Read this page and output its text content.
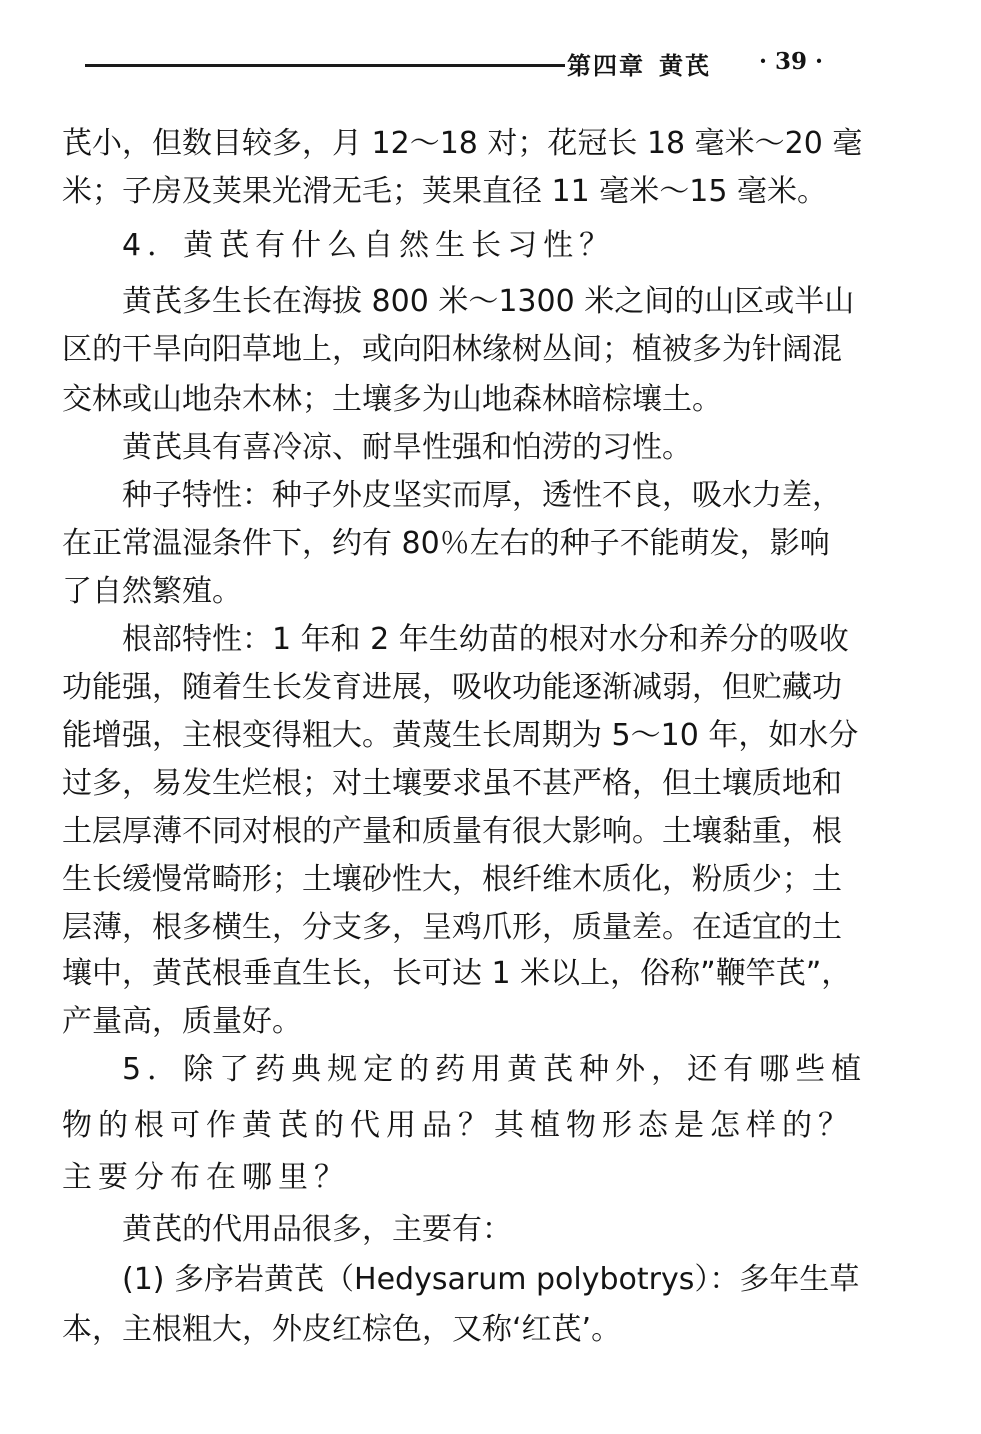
第四章 黄芪	· 39 ·
芪小，但数目较多，月 12～18 对；花冠长 18 毫米～20 毫
米；子房及荚果光滑无毛；荚果直径 11 毫米～15 毫米。
4．黄芪有什么自然生长习性？
黄芪多生长在海拔 800 米～1300 米之间的山区或半山
区的干旱向阳草地上，或向阳林缘树丛间；植被多为针阔混
交林或山地杂木林；土壤多为山地森林暗棕壤土。
黄芪具有喜冷凉、耐旱性强和怕涝的习性。
种子特性：种子外皮坚实而厚，透性不良，吸水力差，
在正常温湿条件下，约有 80％左右的种子不能萌发，影响
了自然繁殖。
根部特性：1 年和 2 年生幼苗的根对水分和养分的吸收
功能强，随着生长发育进展，吸收功能逐渐减弱，但贮藏功
能增强，主根变得粗大。黄蔑生长周期为 5～10 年，如水分
过多，易发生烂根；对土壤要求虽不甚严格，但土壤质地和
土层厚薄不同对根的产量和质量有很大影响。土壤黏重，根
生长缓慢常畸形；土壤砂性大，根纤维木质化，粉质少；土
层薄，根多横生，分支多，呈鸡爪形，质量差。在适宜的土
壤中，黄芪根垂直生长，长可达 1 米以上，俗称”鞭竿芪”，
产量高，质量好。
5．除了药典规定的药用黄芪种外，还有哪些植
物的根可作黄芪的代用品？其植物形态是怎样的？
主要分布在哪里？
黄芪的代用品很多，主要有：
(1) 多序岩黄芪（Hedysarum polybotrys）：多年生草
本，主根粗大，外皮红棕色，又称‘红芪’。
